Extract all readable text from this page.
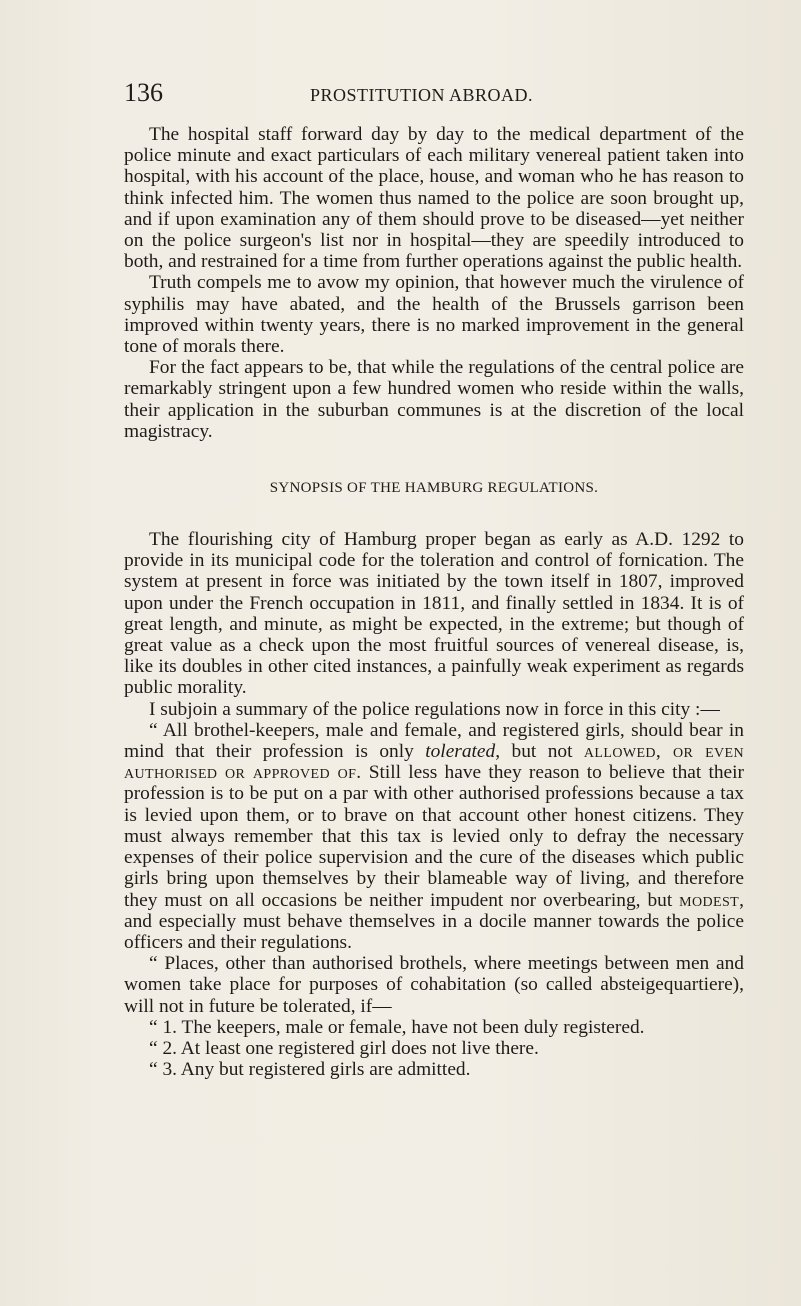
136	PROSTITUTION ABROAD.

The hospital staff forward day by day to the medical department of the police minute and exact particulars of each military venereal patient taken into hospital, with his account of the place, house, and woman who he has reason to think infected him. The women thus named to the police are soon brought up, and if upon examination any of them should prove to be diseased—yet neither on the police surgeon's list nor in hospital—they are speedily introduced to both, and restrained for a time from further operations against the public health.

Truth compels me to avow my opinion, that however much the virulence of syphilis may have abated, and the health of the Brussels garrison been improved within twenty years, there is no marked improvement in the general tone of morals there.

For the fact appears to be, that while the regulations of the central police are remarkably stringent upon a few hundred women who reside within the walls, their application in the suburban communes is at the discretion of the local magistracy.

SYNOPSIS OF THE HAMBURG REGULATIONS.

The flourishing city of Hamburg proper began as early as A.D. 1292 to provide in its municipal code for the toleration and control of fornication. The system at present in force was initiated by the town itself in 1807, improved upon under the French occupation in 1811, and finally settled in 1834. It is of great length, and minute, as might be expected, in the extreme; but though of great value as a check upon the most fruitful sources of venereal disease, is, like its doubles in other cited instances, a painfully weak experiment as regards public morality.

I subjoin a summary of the police regulations now in force in this city :—

“ All brothel-keepers, male and female, and registered girls, should bear in mind that their profession is only tolerated, but not allowed, or even authorised or approved of. Still less have they reason to believe that their profession is to be put on a par with other authorised professions because a tax is levied upon them, or to brave on that account other honest citizens. They must always remember that this tax is levied only to defray the necessary expenses of their police supervision and the cure of the diseases which public girls bring upon themselves by their blameable way of living, and therefore they must on all occasions be neither impudent nor overbearing, but modest, and especially must behave themselves in a docile manner towards the police officers and their regulations.

“ Places, other than authorised brothels, where meetings between men and women take place for purposes of cohabitation (so called absteigequartiere), will not in future be tolerated, if—

“ 1. The keepers, male or female, have not been duly registered.

“ 2. At least one registered girl does not live there.

“ 3. Any but registered girls are admitted.
